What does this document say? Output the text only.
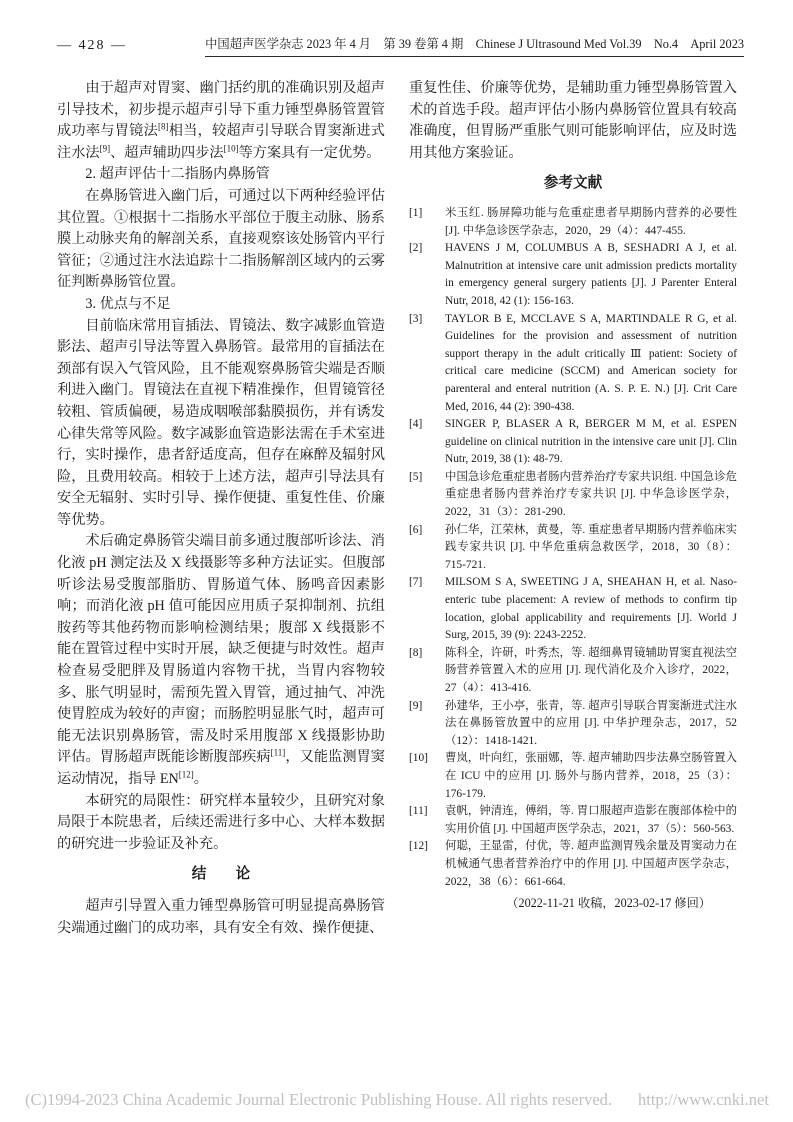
— 428 —	中国超声医学杂志 2023 年 4 月　第 39 卷第 4 期　Chinese J Ultrasound Med Vol.39　No.4　April 2023

由于超声对胃窦、幽门括约肌的准确识别及超声引导技术，初步提示超声引导下重力锤型鼻肠管置管成功率与胃镜法[8]相当，较超声引导联合胃窦渐进式注水法[9]、超声辅助四步法[10]等方案具有一定优势。

2. 超声评估十二指肠内鼻肠管

在鼻肠管进入幽门后，可通过以下两种经验评估其位置。①根据十二指肠水平部位于腹主动脉、肠系膜上动脉夹角的解剖关系，直接观察该处肠管内平行管征；②通过注水法追踪十二指肠解剖区域内的云雾征判断鼻肠管位置。

3. 优点与不足

目前临床常用盲插法、胃镜法、数字减影血管造影法、超声引导法等置入鼻肠管。最常用的盲插法在颈部有误入气管风险，且不能观察鼻肠管尖端是否顺利进入幽门。胃镜法在直视下精准操作，但胃镜管径较粗、管质偏硬，易造成咽喉部黏膜损伤，并有诱发心律失常等风险。数字减影血管造影法需在手术室进行，实时操作，患者舒适度高，但存在麻醉及辐射风险，且费用较高。相较于上述方法，超声引导法具有安全无辐射、实时引导、操作便捷、重复性佳、价廉等优势。

术后确定鼻肠管尖端目前多通过腹部听诊法、消化液 pH 测定法及 X 线摄影等多种方法证实。但腹部听诊法易受腹部脂肪、胃肠道气体、肠鸣音因素影响；而消化液 pH 值可能因应用质子泵抑制剂、抗组胺药等其他药物而影响检测结果；腹部 X 线摄影不能在置管过程中实时开展，缺乏便捷与时效性。超声检查易受肥胖及胃肠道内容物干扰，当胃内容物较多、胀气明显时，需预先置入胃管，通过抽气、冲洗使胃腔成为较好的声窗；而肠腔明显胀气时，超声可能无法识别鼻肠管，需及时采用腹部 X 线摄影协助评估。胃肠超声既能诊断腹部疾病[11]，又能监测胃窦运动情况，指导 EN[12]。

本研究的局限性：研究样本量较少，且研究对象局限于本院患者，后续还需进行多中心、大样本数据的研究进一步验证及补充。

结　　论

超声引导置入重力锤型鼻肠管可明显提高鼻肠管尖端通过幽门的成功率，具有安全有效、操作便捷、

重复性佳、价廉等优势，是辅助重力锤型鼻肠管置入术的首选手段。超声评估小肠内鼻肠管位置具有较高准确度，但胃肠严重胀气则可能影响评估，应及时选用其他方案验证。

参考文献
[1]	米玉红. 肠屏障功能与危重症患者早期肠内营养的必要性 [J]. 中华急诊医学杂志，2020，29（4）：447-455.
[2]	HAVENS J M, COLUMBUS A B, SESHADRI A J, et al. Malnutrition at intensive care unit admission predicts mortality in emergency general surgery patients [J]. J Parenter Enteral Nutr, 2018, 42 (1): 156-163.
[3]	TAYLOR B E, MCCLAVE S A, MARTINDALE R G, et al. Guidelines for the provision and assessment of nutrition support therapy in the adult critically Ⅲ patient: Society of critical care medicine (SCCM) and American society for parenteral and enteral nutrition (A. S. P. E. N.) [J]. Crit Care Med, 2016, 44 (2): 390-438.
[4]	SINGER P, BLASER A R, BERGER M M, et al. ESPEN guideline on clinical nutrition in the intensive care unit [J]. Clin Nutr, 2019, 38 (1): 48-79.
[5]	中国急诊危重症患者肠内营养治疗专家共识组. 中国急诊危重症患者肠内营养治疗专家共识 [J]. 中华急诊医学杂，2022，31（3）：281-290.
[6]	孙仁华，江荣林，黄曼，等. 重症患者早期肠内营养临床实践专家共识 [J]. 中华危重病急救医学，2018，30（8）：715-721.
[7]	MILSOM S A, SWEETING J A, SHEAHAN H, et al. Naso-enteric tube placement: A review of methods to confirm tip location, global applicability and requirements [J]. World J Surg, 2015, 39 (9): 2243-2252.
[8]	陈科全，许研，叶秀杰，等. 超细鼻胃镜辅助胃窦直视法空肠营养管置入术的应用 [J]. 现代消化及介入诊疗，2022，27（4）：413-416.
[9]	孙建华，王小亭，张青，等. 超声引导联合胃窦渐进式注水法在鼻肠管放置中的应用 [J]. 中华护理杂志，2017，52（12）：1418-1421.
[10]	曹岚，叶向红，张丽娜，等. 超声辅助四步法鼻空肠管置入在 ICU 中的应用 [J]. 肠外与肠内营养，2018，25（3）：176-179.
[11]	袁帆，钟清连，傅绢，等. 胃口服超声造影在腹部体检中的实用价值 [J]. 中国超声医学杂志，2021，37（5）：560-563.
[12]	何聪，王显雷，付优，等. 超声监测胃残余量及胃窦动力在机械通气患者营养治疗中的作用 [J]. 中国超声医学杂志，2022，38（6）：661-664.
（2022-11-21 收稿，2023-02-17 修回）
(C)1994-2023 China Academic Journal Electronic Publishing House. All rights reserved. http://www.cnki.net
